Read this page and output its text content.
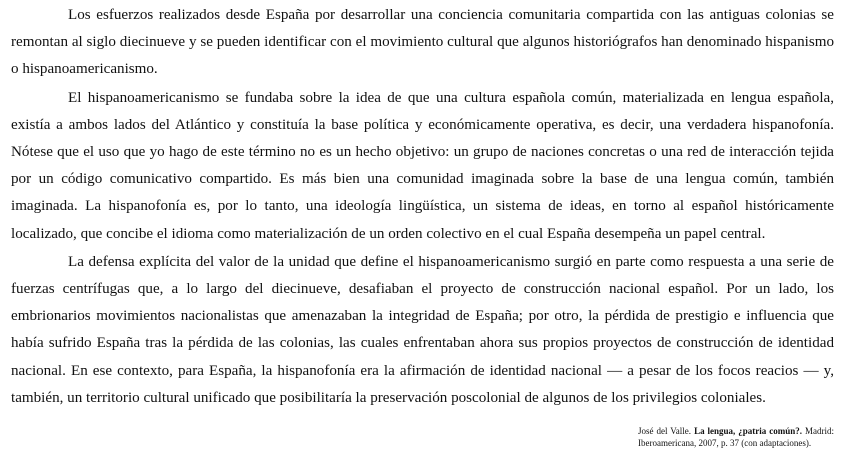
Los esfuerzos realizados desde España por desarrollar una conciencia comunitaria compartida con las antiguas colonias se remontan al siglo diecinueve y se pueden identificar con el movimiento cultural que algunos historiógrafos han denominado hispanismo o hispanoamericanismo.

El hispanoamericanismo se fundaba sobre la idea de que una cultura española común, materializada en lengua española, existía a ambos lados del Atlántico y constituía la base política y económicamente operativa, es decir, una verdadera hispanofonía. Nótese que el uso que yo hago de este término no es un hecho objetivo: un grupo de naciones concretas o una red de interacción tejida por un código comunicativo compartido. Es más bien una comunidad imaginada sobre la base de una lengua común, también imaginada. La hispanofonía es, por lo tanto, una ideología lingüística, un sistema de ideas, en torno al español históricamente localizado, que concibe el idioma como materialización de un orden colectivo en el cual España desempeña un papel central.

La defensa explícita del valor de la unidad que define el hispanoamericanismo surgió en parte como respuesta a una serie de fuerzas centrífugas que, a lo largo del diecinueve, desafiaban el proyecto de construcción nacional español. Por un lado, los embrionarios movimientos nacionalistas que amenazaban la integridad de España; por otro, la pérdida de prestigio e influencia que había sufrido España tras la pérdida de las colonias, las cuales enfrentaban ahora sus propios proyectos de construcción de identidad nacional. En ese contexto, para España, la hispanofonía era la afirmación de identidad nacional — a pesar de los focos reacios — y, también, un territorio cultural unificado que posibilitaría la preservación poscolonial de algunos de los privilegios coloniales.

José del Valle. La lengua, ¿patria común?. Madrid: Iberoamericana, 2007, p. 37 (con adaptaciones).
